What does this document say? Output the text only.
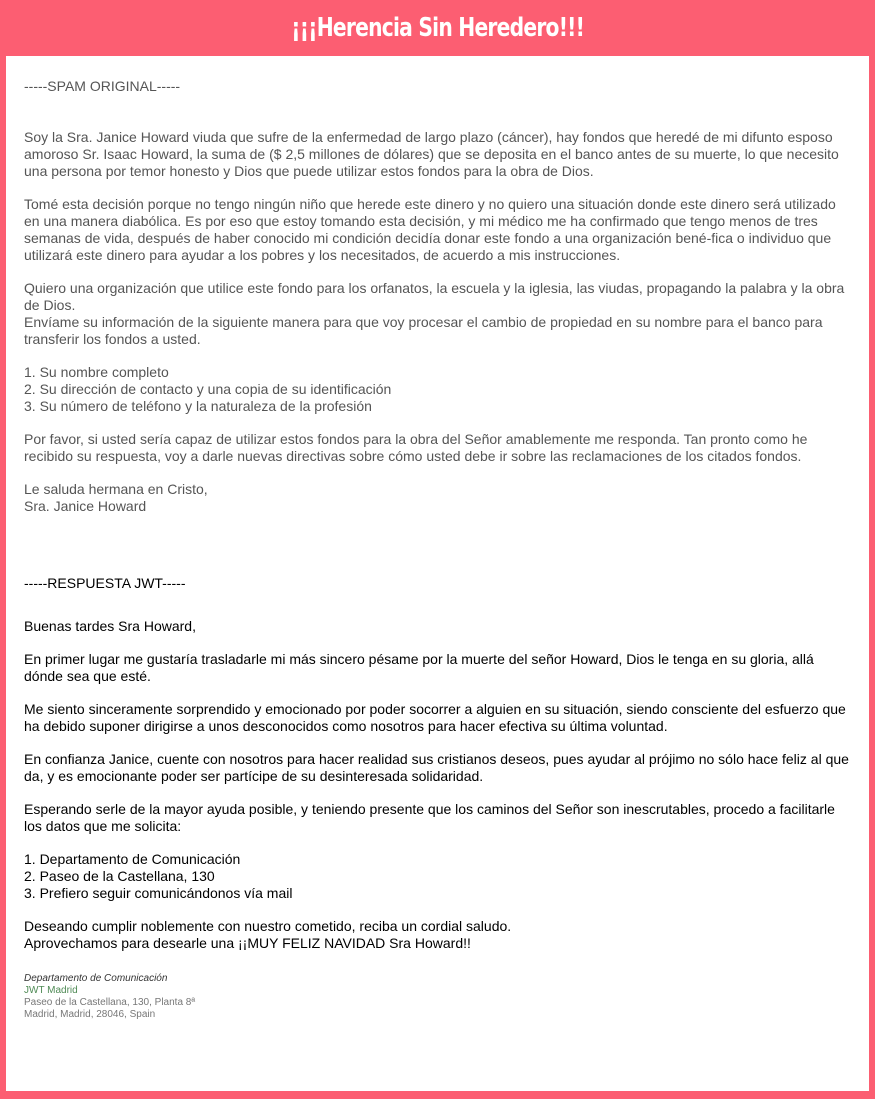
¡¡¡Herencia Sin Heredero!!!

-----SPAM ORIGINAL-----

Soy la Sra. Janice Howard viuda que sufre de la enfermedad de largo plazo (cáncer), hay fondos que heredé de mi difunto esposo amoroso Sr. Isaac Howard, la suma de ($ 2,5 millones de dólares) que se deposita en el banco antes de su muerte, lo que necesito una persona por temor honesto y Dios que puede utilizar estos fondos para la obra de Dios.

Tomé esta decisión porque no tengo ningún niño que herede este dinero y no quiero una situación donde este dinero será utilizado en una manera diabólica. Es por eso que estoy tomando esta decisión, y mi médico me ha confirmado que tengo menos de tres semanas de vida, después de haber conocido mi condición decidía donar este fondo a una organización bené-fica o individuo que utilizará este dinero para ayudar a los pobres y los necesitados, de acuerdo a mis instrucciones.

Quiero una organización que utilice este fondo para los orfanatos, la escuela y la iglesia, las viudas, propagando la palabra y la obra de Dios.

Envíame su información de la siguiente manera para que voy procesar el cambio de propiedad en su nombre para el banco para transferir los fondos a usted.

1. Su nombre completo
2. Su dirección de contacto y una copia de su identificación
3. Su número de teléfono y la naturaleza de la profesión

Por favor, si usted sería capaz de utilizar estos fondos para la obra del Señor amablemente me responda. Tan pronto como he recibido su respuesta, voy a darle nuevas directivas sobre cómo usted debe ir sobre las reclamaciones de los citados fondos.

Le saluda hermana en Cristo,

Sra. Janice Howard

-----RESPUESTA JWT-----

Buenas tardes Sra Howard,

En primer lugar me gustaría trasladarle mi más sincero pésame por la muerte del señor Howard, Dios le tenga en su gloria, allá dónde sea que esté.

Me siento sinceramente sorprendido y emocionado por poder socorrer a alguien en su situación, siendo consciente del esfuerzo que ha debido suponer dirigirse a unos desconocidos como nosotros para hacer efectiva su última voluntad.

En confianza Janice, cuente con nosotros para hacer realidad sus cristianos deseos, pues ayudar al prójimo no sólo hace feliz al que da, y es emocionante poder ser partícipe de su desinteresada solidaridad.

Esperando serle de la mayor ayuda posible, y teniendo presente que los caminos del Señor son inescrutables, procedo a facilitarle los datos que me solicita:

1. Departamento de Comunicación
2. Paseo de la Castellana, 130
3. Prefiero seguir comunicándonos vía mail

Deseando cumplir noblemente con nuestro cometido, reciba un cordial saludo.

Aprovechamos para desearle una ¡¡MUY FELIZ NAVIDAD Sra Howard!!

Departamento de Comunicación
JWT Madrid
Paseo de la Castellana, 130, Planta 8ª
Madrid, Madrid, 28046, Spain
